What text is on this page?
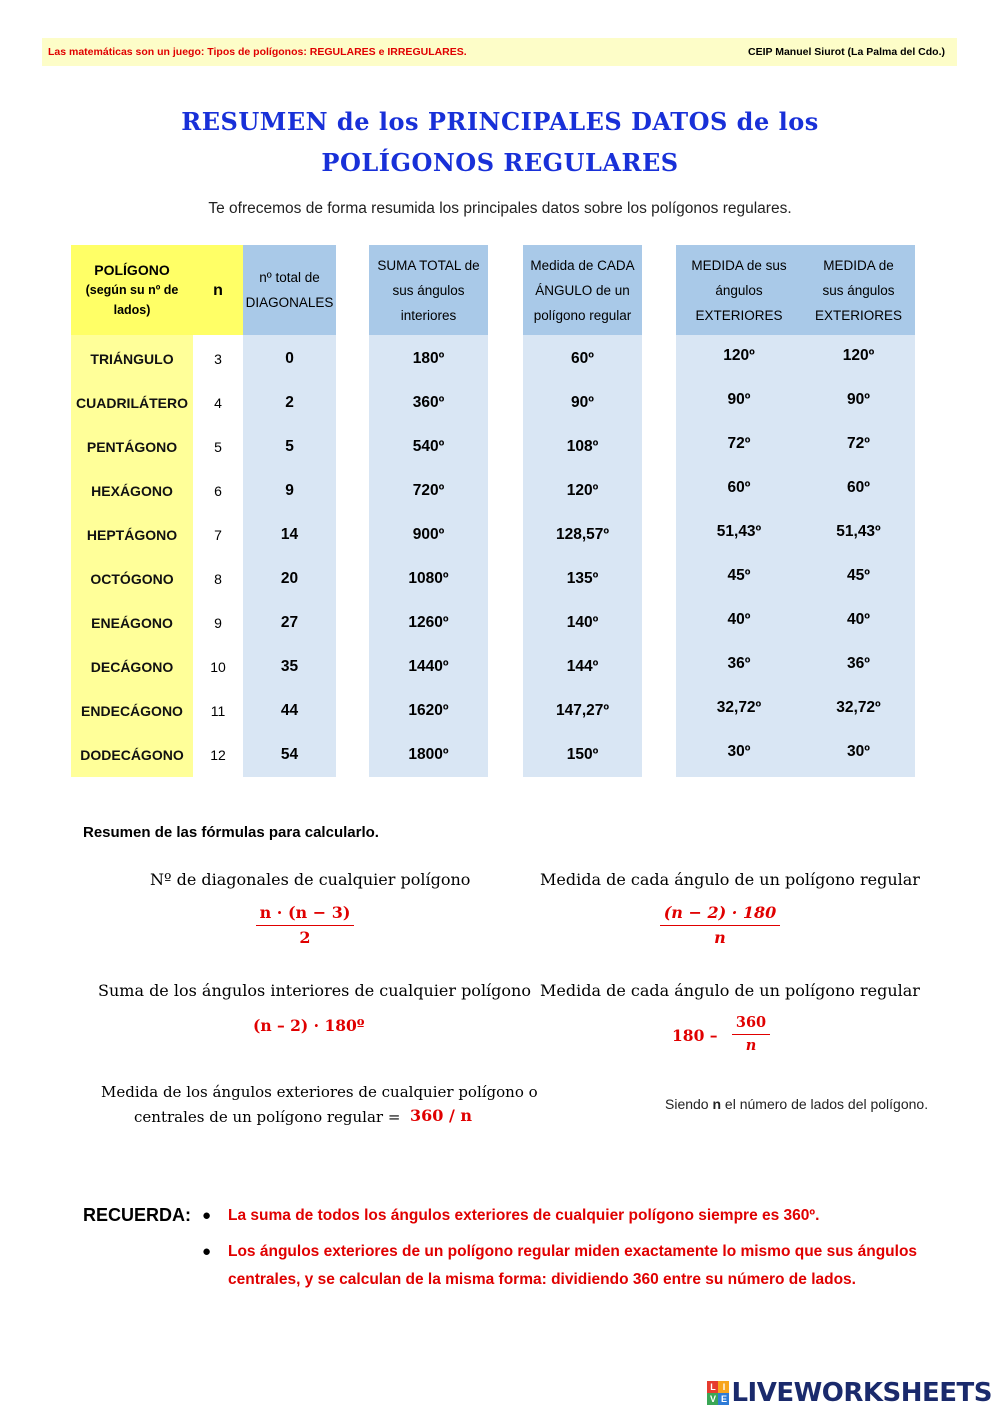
Las matemáticas son un juego: Tipos de polígonos: REGULARES e IRREGULARES.	CEIP Manuel Siurot (La Palma del Cdo.)
RESUMEN de los PRINCIPALES DATOS de los
POLÍGONOS REGULARES
Te ofrecemos de forma resumida los principales datos sobre los polígonos regulares.
POLÍGONO
(según su nº de
lados)
n
nº total de
DIAGONALES
SUMA TOTAL de
sus ángulos
interiores
Medida de CADA
ÁNGULO de un
polígono regular
MEDIDA de sus
ángulos
EXTERIORES
MEDIDA de
sus ángulos
EXTERIORES
TRIÁNGULO	3	0	180º	60º	120º	120º
CUADRILÁTERO	4	2	360º	90º	90º	90º
PENTÁGONO	5	5	540º	108º	72º	72º
HEXÁGONO	6	9	720º	120º	60º	60º
HEPTÁGONO	7	14	900º	128,57º	51,43º	51,43º
OCTÓGONO	8	20	1080º	135º	45º	45º
ENEÁGONO	9	27	1260º	140º	40º	40º
DECÁGONO	10	35	1440º	144º	36º	36º
ENDECÁGONO	11	44	1620º	147,27º	32,72º	32,72º
DODECÁGONO	12	54	1800º	150º	30º	30º
Resumen de las fórmulas para calcularlo.
Nº de diagonales de cualquier polígono
$\frac{n \cdot (n - 3)}{2}$
Medida de cada ángulo de un polígono regular
$\frac{(n - 2) \cdot 180}{n}$
Suma de los ángulos interiores de cualquier polígono
(n – 2) · 180º
Medida de cada ángulo de un polígono regular
$180 - \frac{360}{n}$
Medida de los ángulos exteriores de cualquier polígono o
centrales de un polígono regular = 360 / n
Siendo n el número de lados del polígono.
RECUERDA: ● La suma de todos los ángulos exteriores de cualquier polígono siempre es 360º.
● Los ángulos exteriores de un polígono regular miden exactamente lo mismo que sus ángulos
centrales, y se calculan de la misma forma: dividiendo 360 entre su número de lados.
L I
V E LIVEWORKSHEETS
